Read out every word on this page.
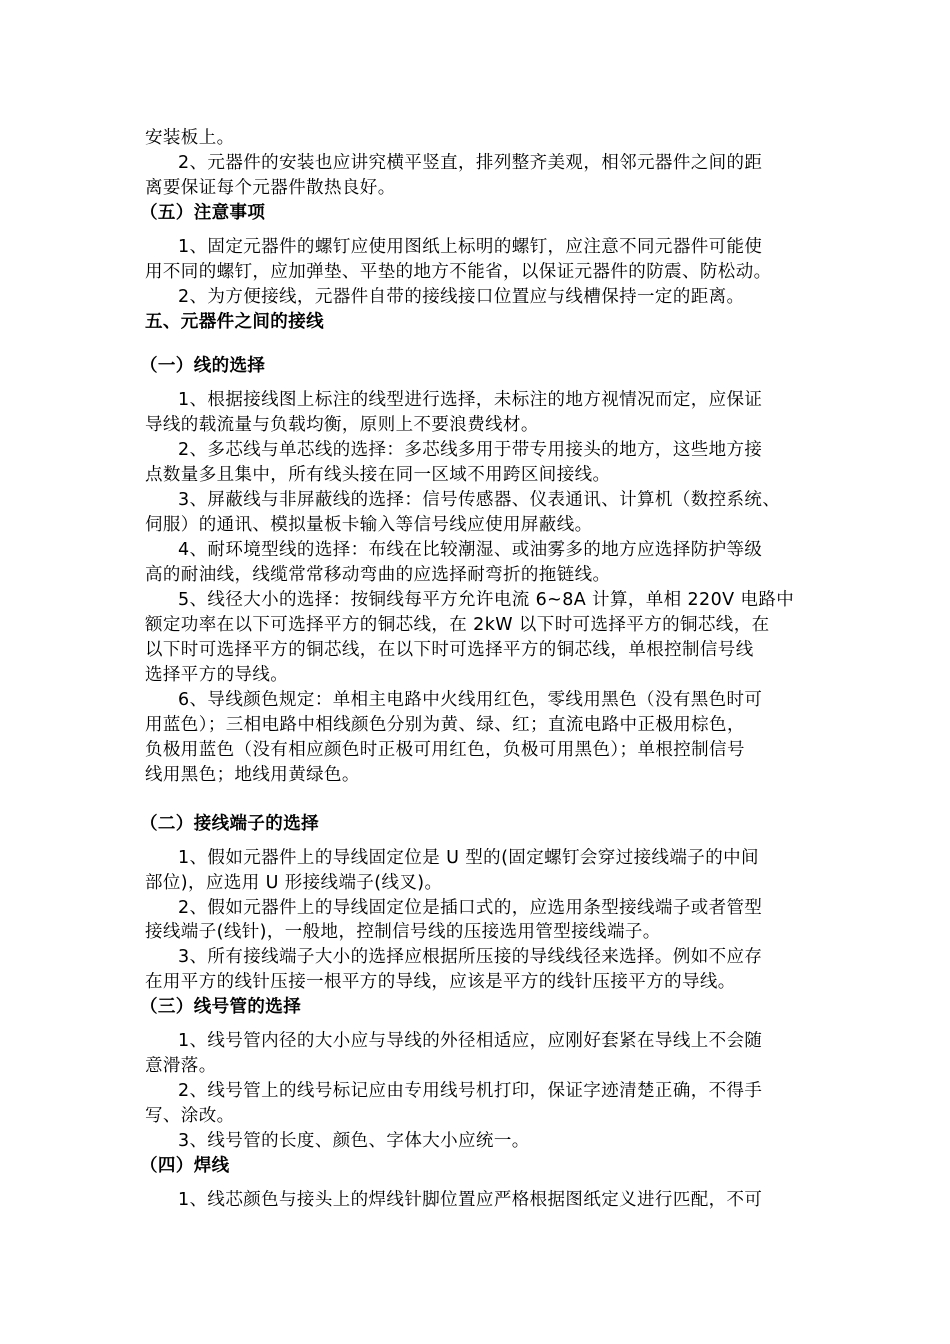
安装板上。
2、元器件的安装也应讲究横平竖直，排列整齐美观，相邻元器件之间的距
离要保证每个元器件散热良好。
（五）注意事项
1、固定元器件的螺钉应使用图纸上标明的螺钉，应注意不同元器件可能使
用不同的螺钉，应加弹垫、平垫的地方不能省，以保证元器件的防震、防松动。
2、为方便接线，元器件自带的接线接口位置应与线槽保持一定的距离。
五、元器件之间的接线
（一）线的选择
1、根据接线图上标注的线型进行选择，未标注的地方视情况而定，应保证
导线的载流量与负载均衡，原则上不要浪费线材。
2、多芯线与单芯线的选择：多芯线多用于带专用接头的地方，这些地方接
点数量多且集中，所有线头接在同一区域不用跨区间接线。
3、屏蔽线与非屏蔽线的选择：信号传感器、仪表通讯、计算机（数控系统、
伺服）的通讯、模拟量板卡输入等信号线应使用屏蔽线。
4、耐环境型线的选择：布线在比较潮湿、或油雾多的地方应选择防护等级
高的耐油线，线缆常常移动弯曲的应选择耐弯折的拖链线。
5、线径大小的选择：按铜线每平方允许电流 6~8A 计算，单相 220V 电路中
额定功率在以下可选择平方的铜芯线，在 2kW 以下时可选择平方的铜芯线，在
以下时可选择平方的铜芯线，在以下时可选择平方的铜芯线，单根控制信号线
选择平方的导线。
6、导线颜色规定：单相主电路中火线用红色，零线用黑色（没有黑色时可
用蓝色）；三相电路中相线颜色分别为黄、绿、红；直流电路中正极用棕色，
负极用蓝色（没有相应颜色时正极可用红色，负极可用黑色）；单根控制信号
线用黑色；地线用黄绿色。
（二）接线端子的选择
1、假如元器件上的导线固定位是 U 型的(固定螺钉会穿过接线端子的中间
部位)，应选用 U 形接线端子(线叉)。
2、假如元器件上的导线固定位是插口式的，应选用条型接线端子或者管型
接线端子(线针)，一般地，控制信号线的压接选用管型接线端子。
3、所有接线端子大小的选择应根据所压接的导线线径来选择。例如不应存
在用平方的线针压接一根平方的导线，应该是平方的线针压接平方的导线。
（三）线号管的选择
1、线号管内径的大小应与导线的外径相适应，应刚好套紧在导线上不会随
意滑落。
2、线号管上的线号标记应由专用线号机打印，保证字迹清楚正确，不得手
写、涂改。
3、线号管的长度、颜色、字体大小应统一。
（四）焊线
1、线芯颜色与接头上的焊线针脚位置应严格根据图纸定义进行匹配，不可
